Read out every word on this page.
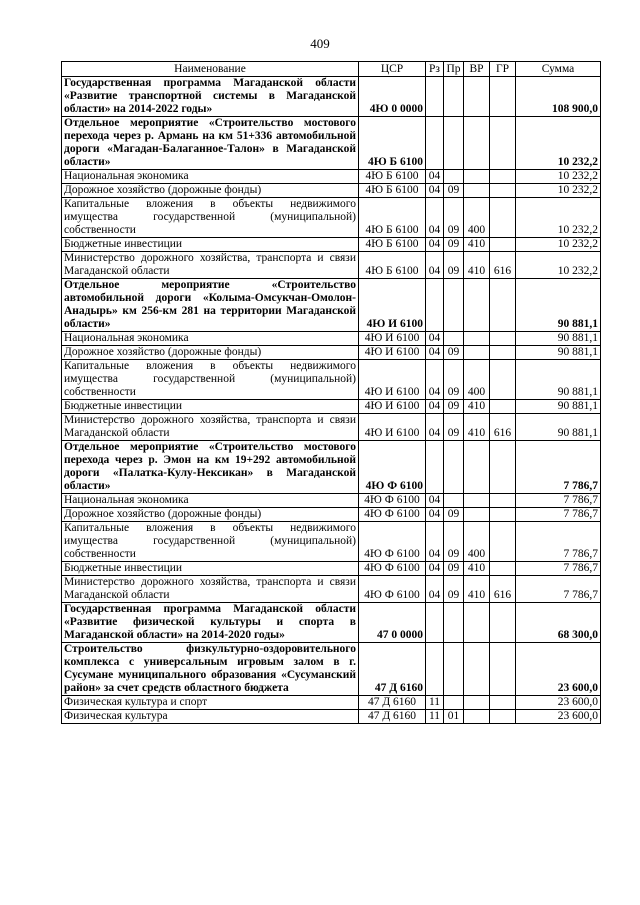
409
Наименование	ЦСР	Рз	Пр	ВР	ГР	Сумма
Государственная программа Магаданской области «Развитие транспортной системы в Магаданской области» на 2014-2022 годы»	4Ю 0 0000					108 900,0
Отдельное мероприятие «Строительство мостового перехода через р. Армань на км 51+336 автомобильной дороги «Магадан-Балаганное-Талон» в Магаданской области»	4Ю Б 6100					10 232,2
Национальная экономика	4Ю Б 6100	04				10 232,2
Дорожное хозяйство (дорожные фонды)	4Ю Б 6100	04	09			10 232,2
Капитальные вложения в объекты недвижимого имущества государственной (муниципальной) собственности	4Ю Б 6100	04	09	400		10 232,2
Бюджетные инвестиции	4Ю Б 6100	04	09	410		10 232,2
Министерство дорожного хозяйства, транспорта и связи Магаданской области	4Ю Б 6100	04	09	410	616	10 232,2
Отдельное мероприятие «Строительство автомобильной дороги «Колыма-Омсукчан-Омолон-Анадырь» км 256-км 281 на территории Магаданской области»	4Ю И 6100					90 881,1
Национальная экономика	4Ю И 6100	04				90 881,1
Дорожное хозяйство (дорожные фонды)	4Ю И 6100	04	09			90 881,1
Капитальные вложения в объекты недвижимого имущества государственной (муниципальной) собственности	4Ю И 6100	04	09	400		90 881,1
Бюджетные инвестиции	4Ю И 6100	04	09	410		90 881,1
Министерство дорожного хозяйства, транспорта и связи Магаданской области	4Ю И 6100	04	09	410	616	90 881,1
Отдельное мероприятие «Строительство мостового перехода через р. Эмон на км 19+292 автомобильной дороги «Палатка-Кулу-Нексикан» в Магаданской области»	4Ю Ф 6100					7 786,7
Национальная экономика	4Ю Ф 6100	04				7 786,7
Дорожное хозяйство (дорожные фонды)	4Ю Ф 6100	04	09			7 786,7
Капитальные вложения в объекты недвижимого имущества государственной (муниципальной) собственности	4Ю Ф 6100	04	09	400		7 786,7
Бюджетные инвестиции	4Ю Ф 6100	04	09	410		7 786,7
Министерство дорожного хозяйства, транспорта и связи Магаданской области	4Ю Ф 6100	04	09	410	616	7 786,7
Государственная программа Магаданской области «Развитие физической культуры и спорта в Магаданской области» на 2014-2020 годы»	47 0 0000					68 300,0
Строительство физкультурно-оздоровительного комплекса с универсальным игровым залом в г. Сусумане муниципального образования «Сусуманский район» за счет средств областного бюджета	47 Д 6160					23 600,0
Физическая культура и спорт	47 Д 6160	11				23 600,0
Физическая культура	47 Д 6160	11	01			23 600,0
